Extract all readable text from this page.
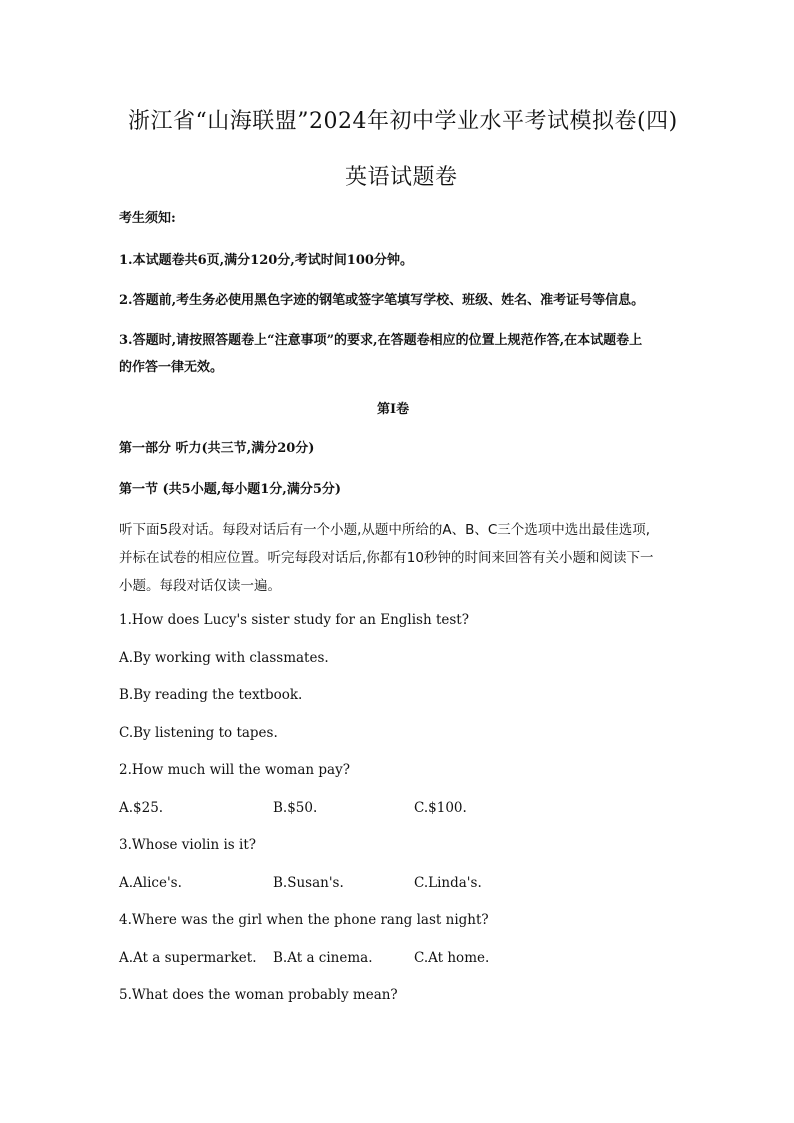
浙江省“山海联盟”2024年初中学业水平考试模拟卷(四)
英语试题卷
考生须知:
1.本试题卷共6页,满分120分,考试时间100分钟。
2.答题前,考生务必使用黑色字迹的钢笔或签字笔填写学校、班级、姓名、准考证号等信息。
3.答题时,请按照答题卷上“注意事项”的要求,在答题卷相应的位置上规范作答,在本试题卷上
的作答一律无效。
第I卷
第一部分 听力(共三节,满分20分)
第一节 (共5小题,每小题1分,满分5分)
听下面5段对话。每段对话后有一个小题,从题中所给的A、B、C三个选项中选出最佳选项,
并标在试卷的相应位置。听完每段对话后,你都有10秒钟的时间来回答有关小题和阅读下一
小题。每段对话仅读一遍。
1.How does Lucy's sister study for an English test?
A.By working with classmates.
B.By reading the textbook.
C.By listening to tapes.
2.How much will the woman pay?
A.$25.	B.$50.	C.$100.
3.Whose violin is it?
A.Alice's.	B.Susan's.	C.Linda's.
4.Where was the girl when the phone rang last night?
A.At a supermarket. B.At a cinema.	C.At home.
5.What does the woman probably mean?
